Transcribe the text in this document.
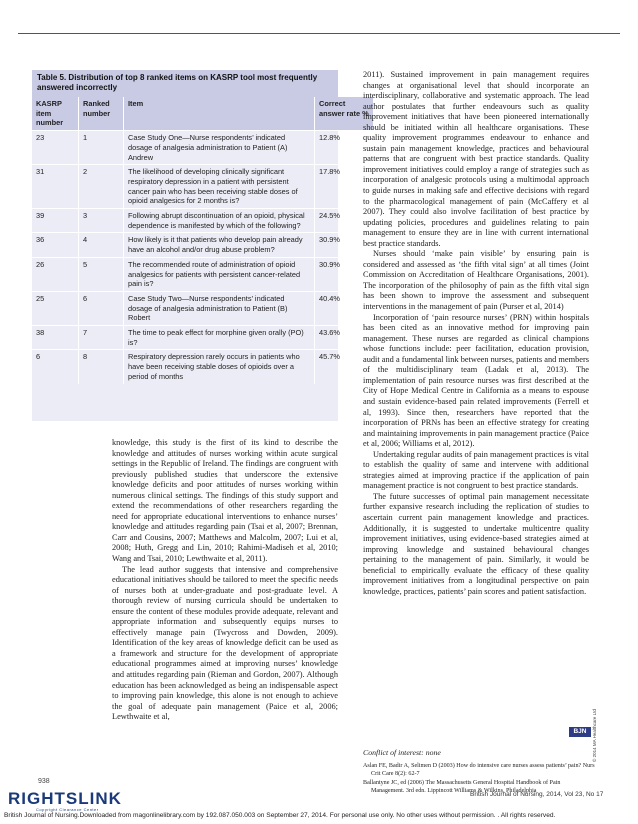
Table 5. Distribution of top 8 ranked items on KASRP tool most frequently answered incorrectly
KASRP item number	Ranked number	Item	Correct answer rate %
23	1	Case Study One—Nurse respondents’ indicated dosage of analgesia administration to Patient (A) Andrew	12.8%
31	2	The likelihood of developing clinically significant respiratory depression in a patient with persistent cancer pain who has been receiving stable doses of opioid analgesics for 2 months is?	17.8%
39	3	Following abrupt discontinuation of an opioid, physical dependence is manifested by which of the following?	24.5%
36	4	How likely is it that patients who develop pain already have an alcohol and/or drug abuse problem?	30.9%
26	5	The recommended route of administration of opioid analgesics for patients with persistent cancer-related pain is?	30.9%
25	6	Case Study Two—Nurse respondents’ indicated dosage of analgesia administration to Patient (B) Robert	40.4%
38	7	The time to peak effect for morphine given orally (PO) is?	43.6%
6	8	Respiratory depression rarely occurs in patients who have been receiving stable doses of opioids over a period of months	45.7%

knowledge, this study is the first of its kind to describe the knowledge and attitudes of nurses working within acute surgical settings in the Republic of Ireland. The findings are congruent with previously published studies that underscore the extensive knowledge deficits and poor attitudes of nurses working within numerous clinical settings. The findings of this study support and extend the recommendations of other researchers regarding the need for appropriate educational interventions to enhance nurses’ knowledge and attitudes regarding pain (Tsai et al, 2007; Brennan, Carr and Cousins, 2007; Matthews and Malcolm, 2007; Lui et al, 2008; Huth, Gregg and Lin, 2010; Rahimi-Madiseh et al, 2010; Wang and Tsai, 2010; Lewthwaite et al, 2011).

The lead author suggests that intensive and comprehensive educational initiatives should be tailored to meet the specific needs of nurses both at under-graduate and post-graduate level. A thorough review of nursing curricula should be undertaken to ensure the content of these modules provide adequate, relevant and appropriate information and subsequently equips nurses to effectively manage pain (Twycross and Dowden, 2009). Identification of the key areas of knowledge deficit can be used as a framework and structure for the development of appropriate educational programmes aimed at improving nurses’ knowledge and attitudes regarding pain (Rieman and Gordon, 2007). Although education has been acknowledged as being an indispensable aspect to improving pain knowledge, this alone is not enough to achieve the goal of adequate pain management (Paice et al, 2006; Lewthwaite et al,

2011). Sustained improvement in pain management requires changes at organisational level that should incorporate an interdisciplinary, collaborative and systematic approach. The lead author postulates that further endeavours such as quality improvement initiatives that have been pioneered internationally should be initiated within all healthcare organisations. These quality improvement programmes endeavour to enhance and sustain pain management knowledge, practices and behavioural patterns that are congruent with best practice standards. Quality improvement initiatives could employ a range of strategies such as incorporation of analgesic protocols using a multimodal approach to guide nurses in making safe and effective decisions with regard to the pharmacological management of pain (McCaffery et al 2007). They could also involve facilitation of best practice by updating policies, procedures and guidelines relating to pain management to ensure they are in line with current international best practice standards.

Nurses should ‘make pain visible’ by ensuring pain is considered and assessed as ‘the fifth vital sign’ at all times (Joint Commission on Accreditation of Healthcare Organisations, 2001). The incorporation of the philosophy of pain as the fifth vital sign has been shown to improve the assessment and subsequent interventions in the management of pain (Purser et al, 2014)

Incorporation of ‘pain resource nurses’ (PRN) within hospitals has been cited as an innovative method for improving pain management. These nurses are regarded as clinical champions whose functions include: peer facilitation, education provision, audit and a fundamental link between nurses, patients and members of the multidisciplinary team (Ladak et al, 2013). The implementation of pain resource nurses was first described at the City of Hope Medical Centre in California as a means to espouse and sustain evidence-based pain related improvements (Ferrell et al, 1993). Since then, researchers have reported that the incorporation of PRNs has been an effective strategy for creating and maintaining improvements in pain management practice (Paice et al, 2006; Williams et al, 2012).

Undertaking regular audits of pain management practices is vital to establish the quality of same and intervene with additional strategies aimed at improving practice if the application of pain management practice is not congruent to best practice standards.

The future successes of optimal pain management necessitate further expansive research including the replication of studies to ascertain current pain management knowledge and practices. Additionally, it is suggested to undertake multicentre quality improvement initiatives, using evidence-based strategies aimed at improving knowledge and sustained behavioural changes pertaining to the management of pain. Similarly, it would be beneficial to empirically evaluate the efficacy of these quality improvement initiatives from a longitudinal perspective on pain knowledge, practices, patients’ pain scores and patient satisfaction.

BJN
Conflict of interest: none

Aslan FE, Badir A, Selimen D (2003) How do intensive care nurses assess patients’ pain? Nurs Crit Care 8(2): 62-7

Ballantyne JC, ed (2006) The Massachusetts General Hospital Handbook of Pain Management. 3rd edn. Lippincott Williams & Wilkins, Philadelphia

© 2014 MA Healthcare Ltd
938
British Journal of Nursing, 2014, Vol 23, No 17
RIGHTSLINK
Copyright Clearance Center
British Journal of Nursing.Downloaded from magonlinelibrary.com by 192.087.050.003 on September 27, 2014. For personal use only. No other uses without permission. . All rights reserved.
